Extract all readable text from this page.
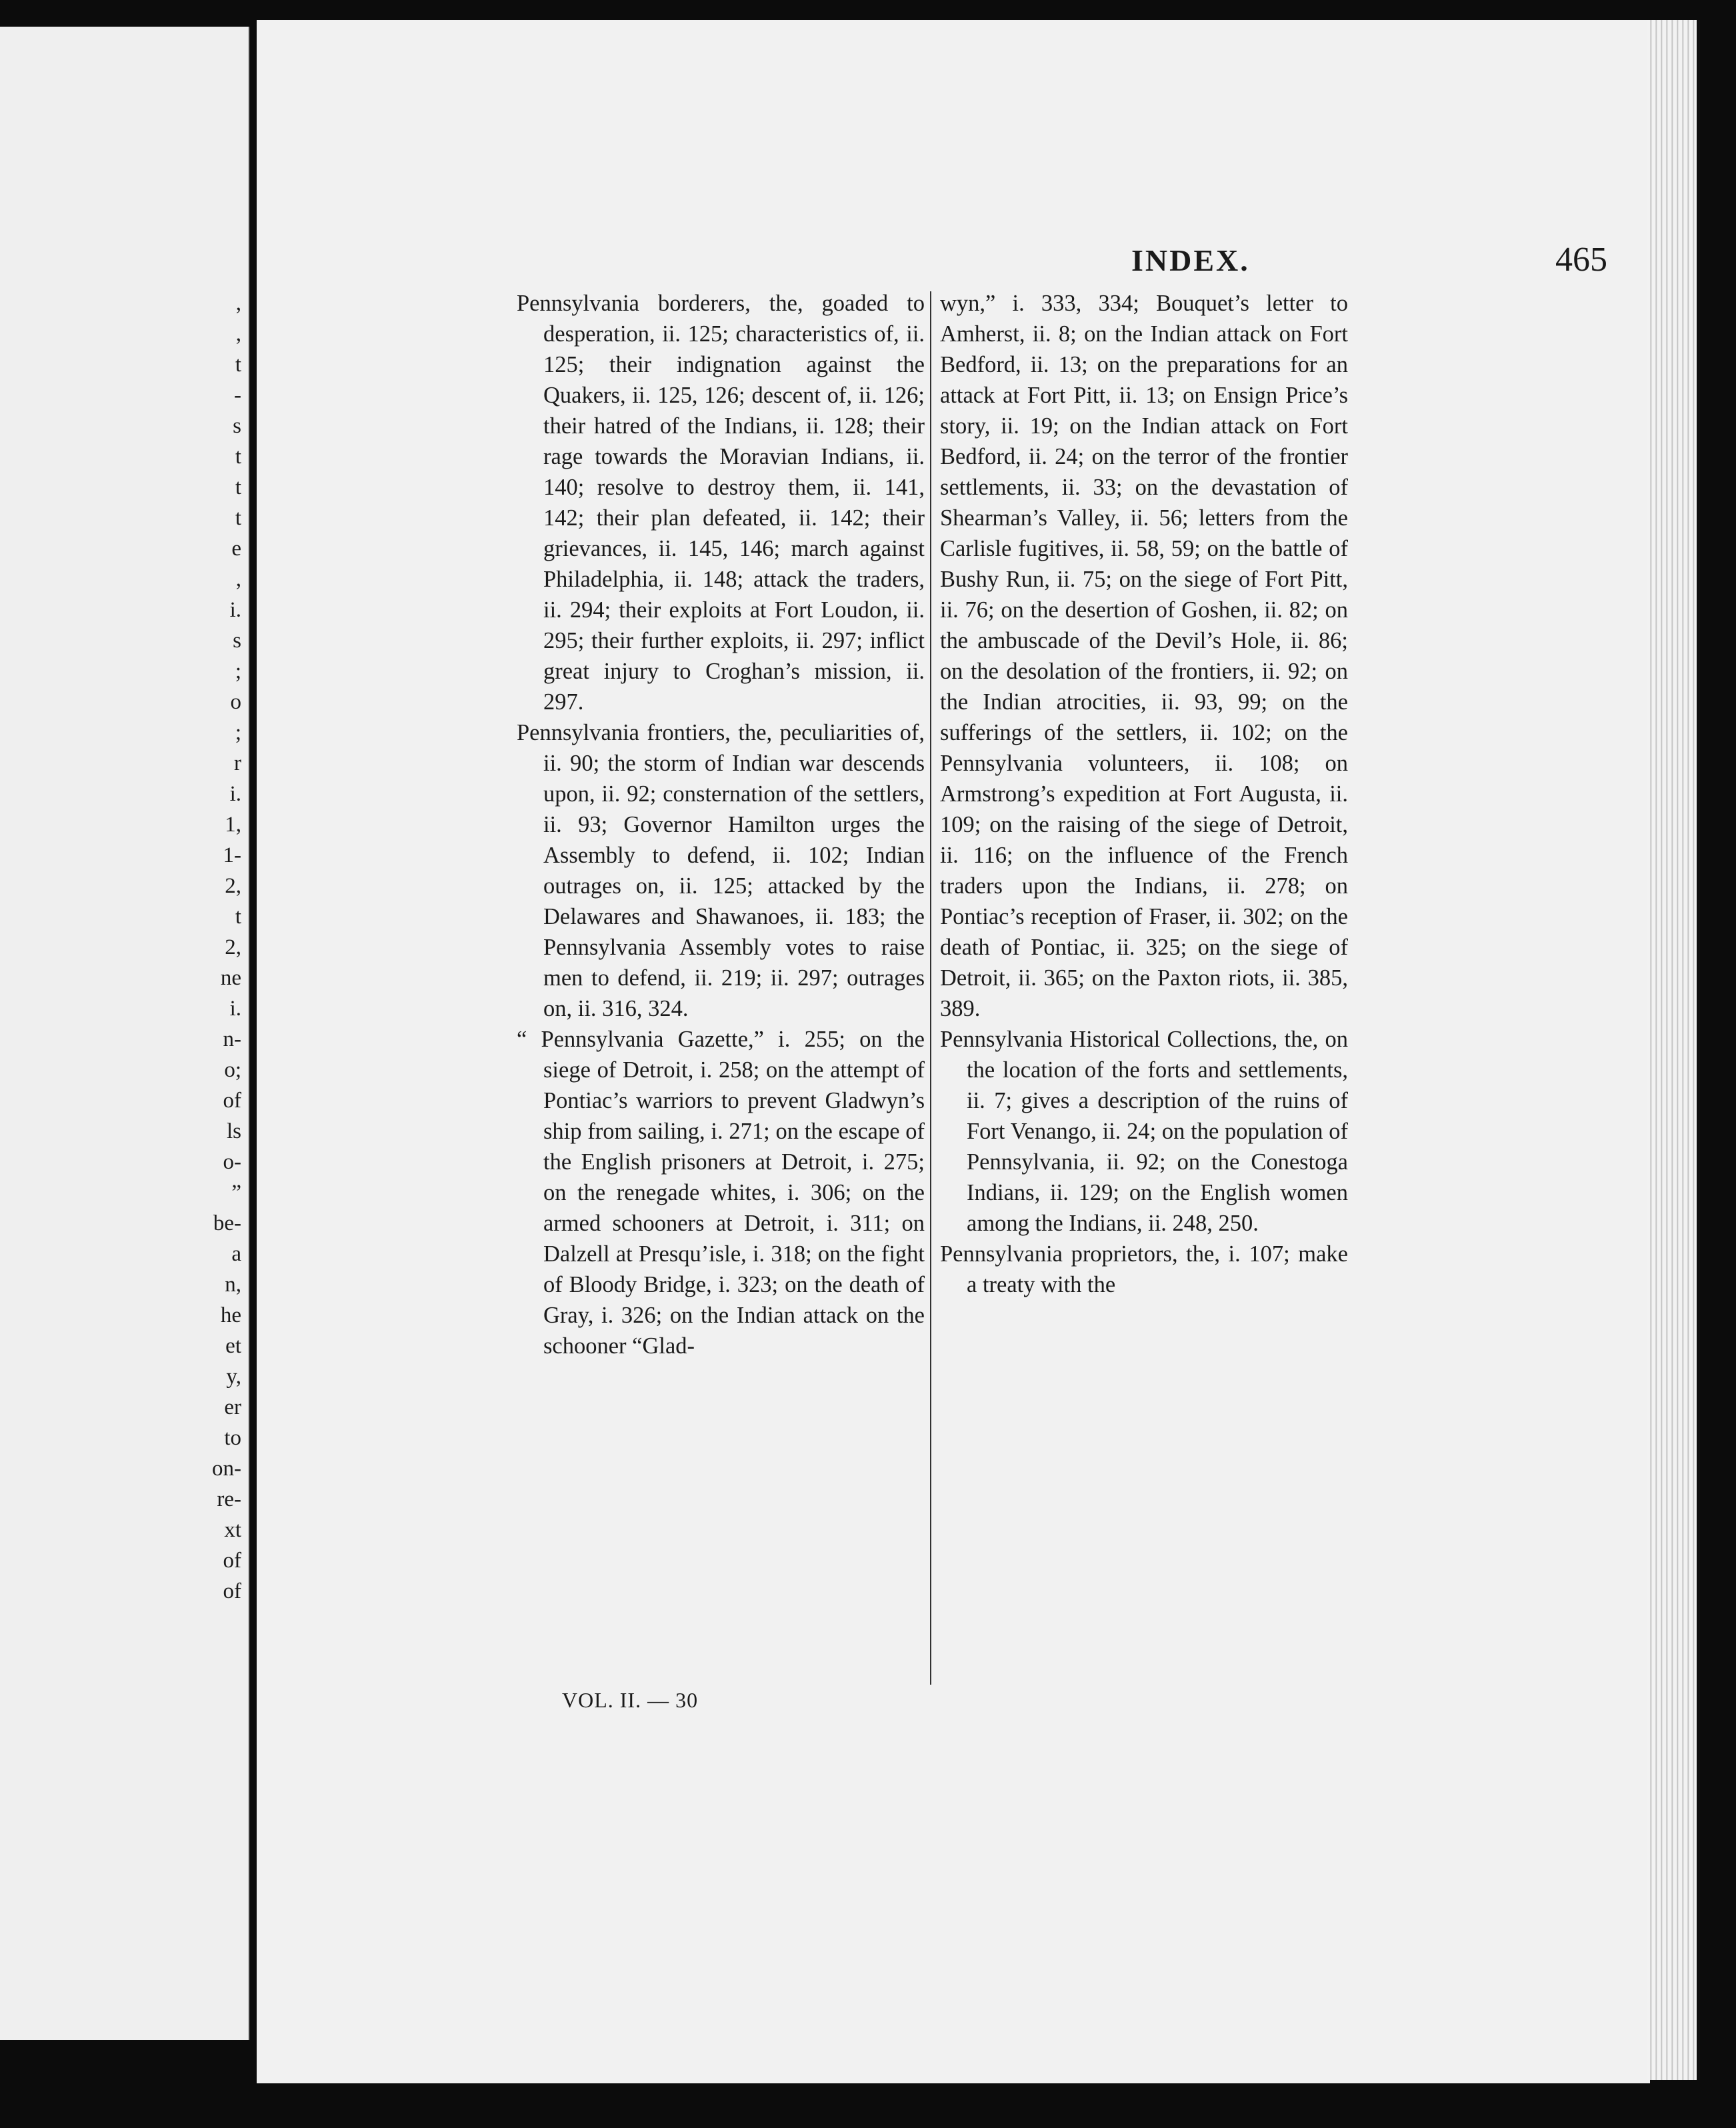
,
,
t
-
s
t
t
t
e
,
i.
s
;
o
;
r
i.
1,
1-
2,
t
2,
ne
i.
n-
o;
of
ls
o-
”
be-
a
n,
he
et
y,
er
to
on-
re-
xt
of
of
INDEX.	465

Pennsylvania borderers, the, goaded to desperation, ii. 125; characteristics of, ii. 125; their indignation against the Quakers, ii. 125, 126; descent of, ii. 126; their hatred of the Indians, ii. 128; their rage towards the Moravian Indians, ii. 140; resolve to destroy them, ii. 141, 142; their plan defeated, ii. 142; their grievances, ii. 145, 146; march against Philadelphia, ii. 148; attack the traders, ii. 294; their exploits at Fort Loudon, ii. 295; their further exploits, ii. 297; inflict great injury to Croghan’s mission, ii. 297.

Pennsylvania frontiers, the, peculiarities of, ii. 90; the storm of Indian war descends upon, ii. 92; consternation of the settlers, ii. 93; Governor Hamilton urges the Assembly to defend, ii. 102; Indian outrages on, ii. 125; attacked by the Delawares and Shawanoes, ii. 183; the Pennsylvania Assembly votes to raise men to defend, ii. 219; ii. 297; outrages on, ii. 316, 324.

“ Pennsylvania Gazette,” i. 255; on the siege of Detroit, i. 258; on the attempt of Pontiac’s warriors to prevent Gladwyn’s ship from sailing, i. 271; on the escape of the English prisoners at Detroit, i. 275; on the renegade whites, i. 306; on the armed schooners at Detroit, i. 311; on Dalzell at Presqu’isle, i. 318; on the fight of Bloody Bridge, i. 323; on the death of Gray, i. 326; on the Indian attack on the schooner “Glad-

wyn,” i. 333, 334; Bouquet’s letter to Amherst, ii. 8; on the Indian attack on Fort Bedford, ii. 13; on the preparations for an attack at Fort Pitt, ii. 13; on Ensign Price’s story, ii. 19; on the Indian attack on Fort Bedford, ii. 24; on the terror of the frontier settlements, ii. 33; on the devastation of Shearman’s Valley, ii. 56; letters from the Carlisle fugitives, ii. 58, 59; on the battle of Bushy Run, ii. 75; on the siege of Fort Pitt, ii. 76; on the desertion of Goshen, ii. 82; on the ambuscade of the Devil’s Hole, ii. 86; on the desolation of the frontiers, ii. 92; on the Indian atrocities, ii. 93, 99; on the sufferings of the settlers, ii. 102; on the Pennsylvania volunteers, ii. 108; on Armstrong’s expedition at Fort Augusta, ii. 109; on the raising of the siege of Detroit, ii. 116; on the influence of the French traders upon the Indians, ii. 278; on Pontiac’s reception of Fraser, ii. 302; on the death of Pontiac, ii. 325; on the siege of Detroit, ii. 365; on the Paxton riots, ii. 385, 389.

Pennsylvania Historical Collections, the, on the location of the forts and settlements, ii. 7; gives a description of the ruins of Fort Venango, ii. 24; on the population of Pennsylvania, ii. 92; on the Conestoga Indians, ii. 129; on the English women among the Indians, ii. 248, 250.

Pennsylvania proprietors, the, i. 107; make a treaty with the

VOL. II. — 30
